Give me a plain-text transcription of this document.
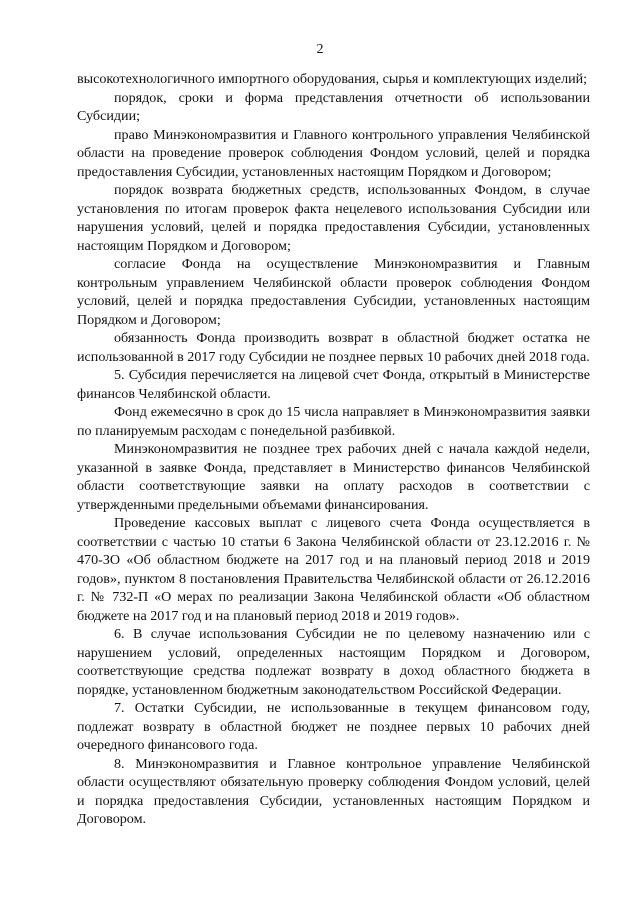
2

высокотехнологичного импортного оборудования, сырья и комплектующих изделий;

порядок, сроки и форма представления отчетности об использовании Субсидии;

право Минэкономразвития и Главного контрольного управления Челябинской области на проведение проверок соблюдения Фондом условий, целей и порядка предоставления Субсидии, установленных настоящим Порядком и Договором;

порядок возврата бюджетных средств, использованных Фондом, в случае установления по итогам проверок факта нецелевого использования Субсидии или нарушения условий, целей и порядка предоставления Субсидии, установленных настоящим Порядком и Договором;

согласие Фонда на осуществление Минэкономразвития и Главным контрольным управлением Челябинской области проверок соблюдения Фондом условий, целей и порядка предоставления Субсидии, установленных настоящим Порядком и Договором;

обязанность Фонда производить возврат в областной бюджет остатка не использованной в 2017 году Субсидии не позднее первых 10 рабочих дней 2018 года.

5. Субсидия перечисляется на лицевой счет Фонда, открытый в Министерстве финансов Челябинской области.

Фонд ежемесячно в срок до 15 числа направляет в Минэкономразвития заявки по планируемым расходам с понедельной разбивкой.

Минэкономразвития не позднее трех рабочих дней с начала каждой недели, указанной в заявке Фонда, представляет в Министерство финансов Челябинской области соответствующие заявки на оплату расходов в соответствии с утвержденными предельными объемами финансирования.

Проведение кассовых выплат с лицевого счета Фонда осуществляется в соответствии с частью 10 статьи 6 Закона Челябинской области от 23.12.2016 г. № 470-ЗО «Об областном бюджете на 2017 год и на плановый период 2018 и 2019 годов», пунктом 8 постановления Правительства Челябинской области от 26.12.2016 г. № 732-П «О мерах по реализации Закона Челябинской области «Об областном бюджете на 2017 год и на плановый период 2018 и 2019 годов».

6. В случае использования Субсидии не по целевому назначению или с нарушением условий, определенных настоящим Порядком и Договором, соответствующие средства подлежат возврату в доход областного бюджета в порядке, установленном бюджетным законодательством Российской Федерации.

7. Остатки Субсидии, не использованные в текущем финансовом году, подлежат возврату в областной бюджет не позднее первых 10 рабочих дней очередного финансового года.

8. Минэкономразвития и Главное контрольное управление Челябинской области осуществляют обязательную проверку соблюдения Фондом условий, целей и порядка предоставления Субсидии, установленных настоящим Порядком и Договором.
